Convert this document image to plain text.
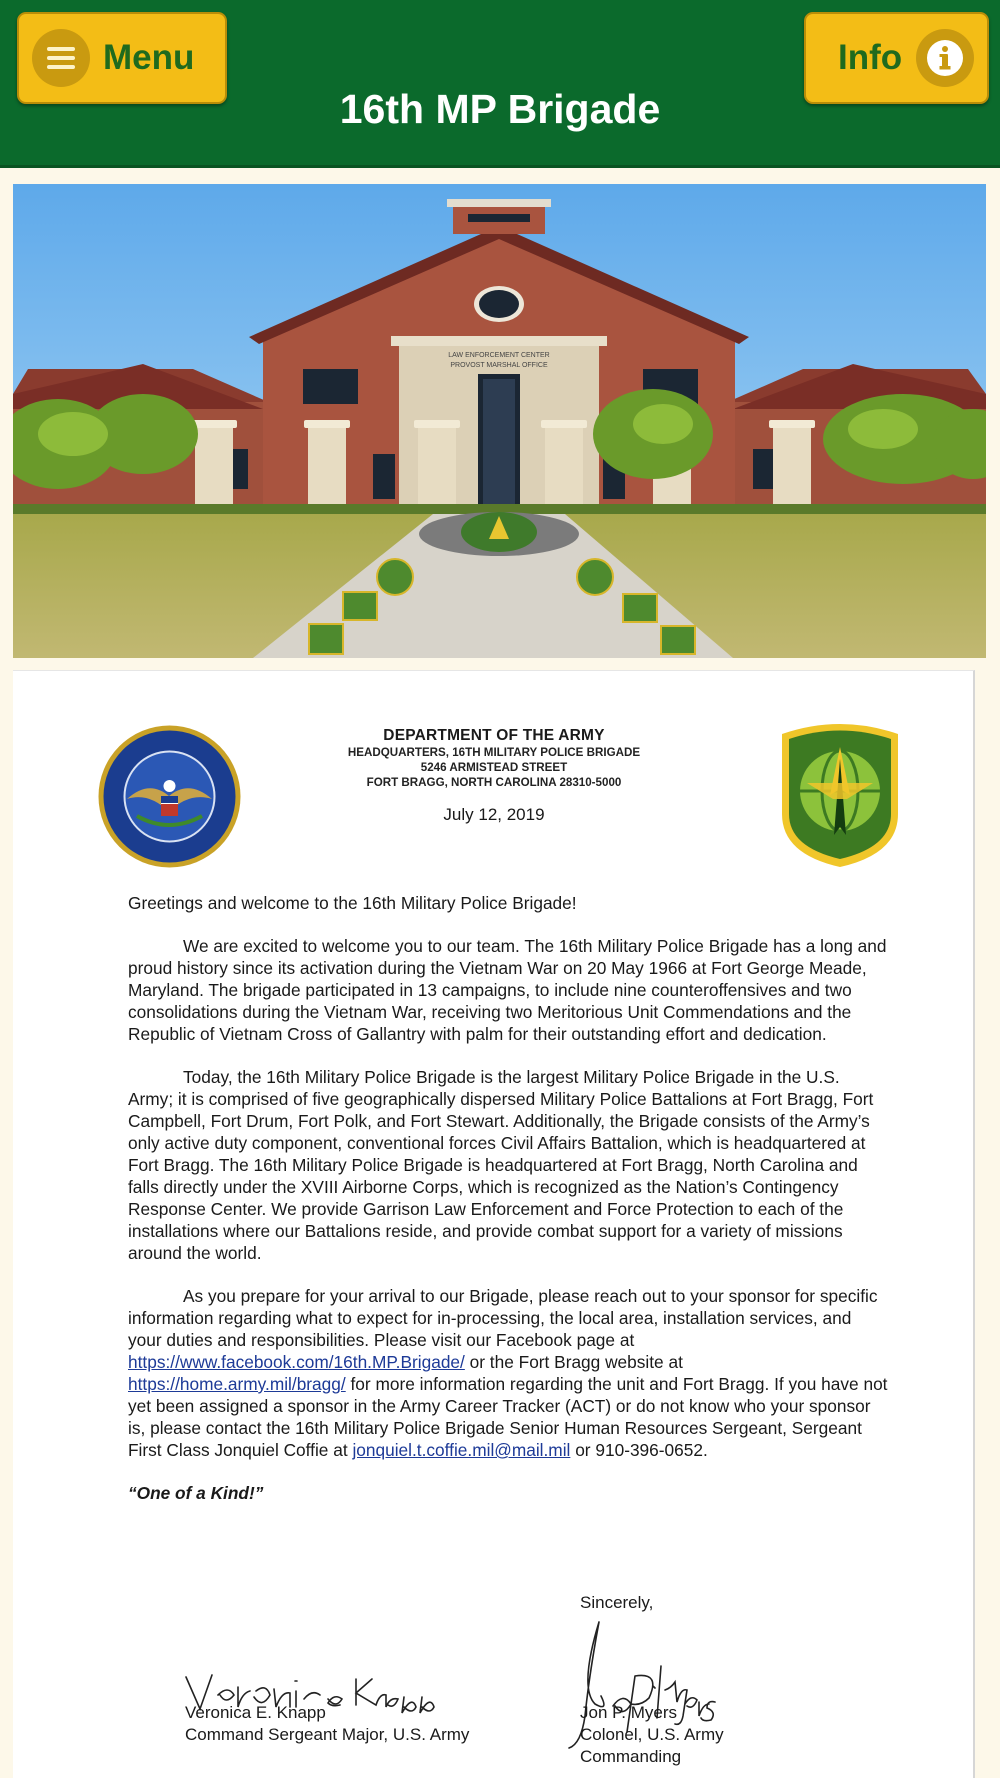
Menu	Info
16th MP Brigade
LAW ENFORCEMENT CENTER
PROVOST MARSHAL OFFICE
DEPARTMENT OF THE ARMY
HEADQUARTERS, 16TH MILITARY POLICE BRIGADE
5246 ARMISTEAD STREET
FORT BRAGG, NORTH CAROLINA 28310-5000
July 12, 2019

Greetings and welcome to the 16th Military Police Brigade!

We are excited to welcome you to our team. The 16th Military Police Brigade has a long and proud history since its activation during the Vietnam War on 20 May 1966 at Fort George Meade, Maryland. The brigade participated in 13 campaigns, to include nine counteroffensives and two consolidations during the Vietnam War, receiving two Meritorious Unit Commendations and the Republic of Vietnam Cross of Gallantry with palm for their outstanding effort and dedication.

Today, the 16th Military Police Brigade is the largest Military Police Brigade in the U.S. Army; it is comprised of five geographically dispersed Military Police Battalions at Fort Bragg, Fort Campbell, Fort Drum, Fort Polk, and Fort Stewart. Additionally, the Brigade consists of the Army’s only active duty component, conventional forces Civil Affairs Battalion, which is headquartered at Fort Bragg. The 16th Military Police Brigade is headquartered at Fort Bragg, North Carolina and falls directly under the XVIII Airborne Corps, which is recognized as the Nation’s Contingency Response Center. We provide Garrison Law Enforcement and Force Protection to each of the installations where our Battalions reside, and provide combat support for a variety of missions around the world.

As you prepare for your arrival to our Brigade, please reach out to your sponsor for specific information regarding what to expect for in-processing, the local area, installation services, and your duties and responsibilities. Please visit our Facebook page at https://www.facebook.com/16th.MP.Brigade/ or the Fort Bragg website at https://home.army.mil/bragg/ for more information regarding the unit and Fort Bragg. If you have not yet been assigned a sponsor in the Army Career Tracker (ACT) or do not know who your sponsor is, please contact the 16th Military Police Brigade Senior Human Resources Sergeant, Sergeant First Class Jonquiel Coffie at jonquiel.t.coffie.mil@mail.mil or 910-396-0652.

“One of a Kind!”

Sincerely,
Veronica E. Knapp
Command Sergeant Major, U.S. Army
Jon P. Myers
Colonel, U.S. Army
Commanding
